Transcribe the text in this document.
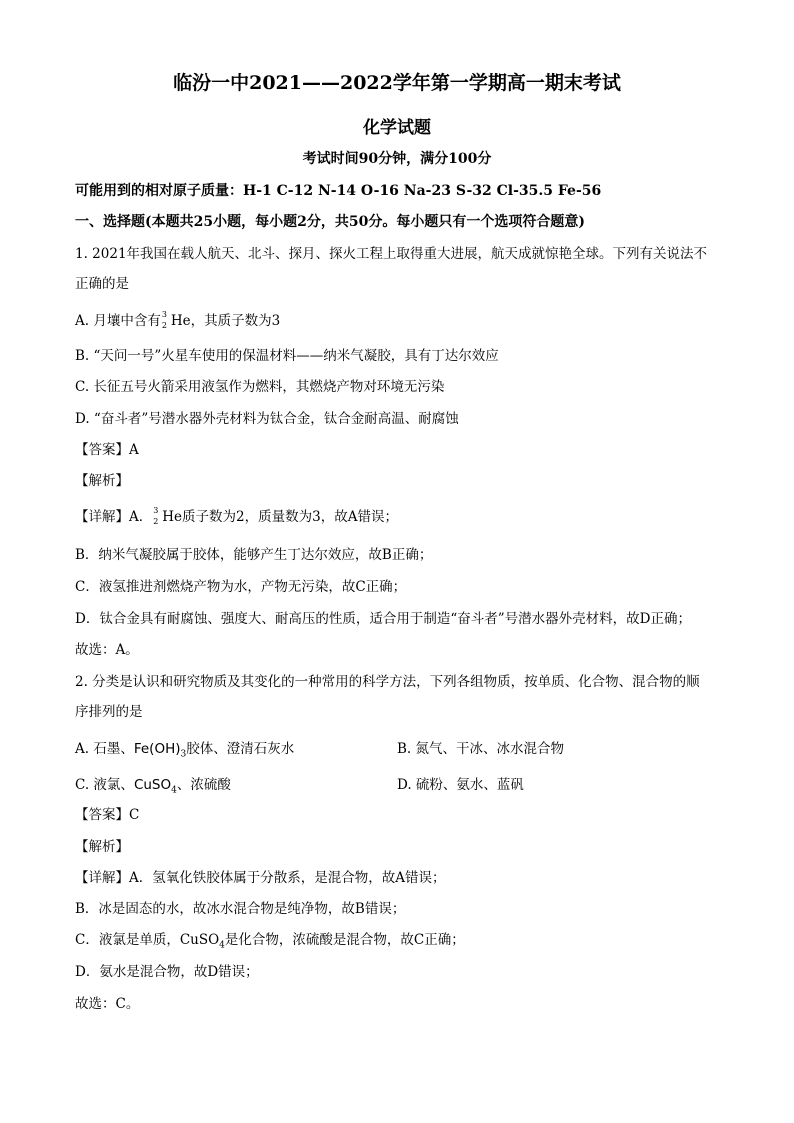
临汾一中2021——2022学年第一学期高一期末考试
化学试题
考试时间90分钟，满分100分
可能用到的相对原子质量：H-1 C-12 N-14 O-16 Na-23 S-32 Cl-35.5 Fe-56
一、选择题(本题共25小题，每小题2分，共50分。每小题只有一个选项符合题意)
1. 2021年我国在载人航天、北斗、探月、探火工程上取得重大进展，航天成就惊艳全球。下列有关说法不
正确的是
A. 月壤中含有 3
2 He，其质子数为3
B. “天问一号”火星车使用的保温材料——纳米气凝胶，具有丁达尔效应
C. 长征五号火箭采用液氢作为燃料，其燃烧产物对环境无污染
D. “奋斗者”号潜水器外壳材料为钛合金，钛合金耐高温、耐腐蚀
【答案】A
【解析】
【详解】A． 3
2 He质子数为2，质量数为3，故A错误；
B．纳米气凝胶属于胶体，能够产生丁达尔效应，故B正确；
C．液氢推进剂燃烧产物为水，产物无污染，故C正确；
D．钛合金具有耐腐蚀、强度大、耐高压的性质，适合用于制造“奋斗者”号潜水器外壳材料，故D正确；
故选：A。
2. 分类是认识和研究物质及其变化的一种常用的科学方法，下列各组物质，按单质、化合物、混合物的顺
序排列的是
A. 石墨、$Fe(OH)_3$胶体、澄清石灰水	B. 氮气、干冰、冰水混合物
C. 液氯、CuSO$_4$、浓硫酸	D. 硫粉、氨水、蓝矾
【答案】C
【解析】
【详解】A．氢氧化铁胶体属于分散系，是混合物，故A错误；
B．冰是固态的水，故冰水混合物是纯净物，故B错误；
C．液氯是单质，CuSO$_4$是化合物，浓硫酸是混合物，故C正确；
D．氨水是混合物，故D错误；
故选：C。
